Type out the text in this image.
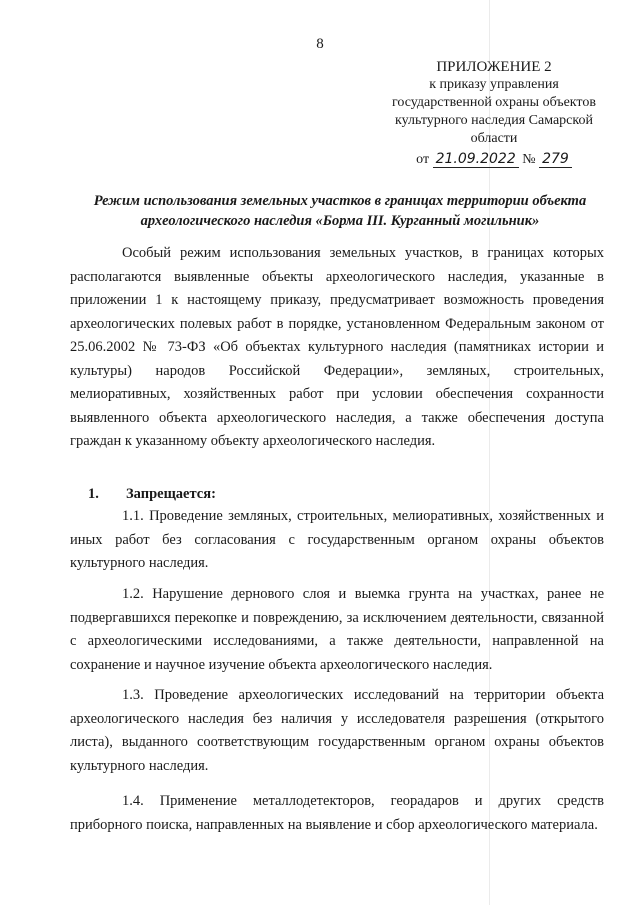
8
ПРИЛОЖЕНИЕ 2
к приказу управления
государственной охраны объектов
культурного наследия Самарской
области
от 21.09.2022 № 279
Режим использования земельных участков в границах территории объекта археологического наследия «Борма III. Курганный могильник»

Особый режим использования земельных участков, в границах которых располагаются выявленные объекты археологического наследия, указанные в приложении 1 к настоящему приказу, предусматривает возможность проведения археологических полевых работ в порядке, установленном Федеральным законом от 25.06.2002 № 73-ФЗ «Об объектах культурного наследия (памятниках истории и культуры) народов Российской Федерации», земляных, строительных, мелиоративных, хозяйственных работ при условии обеспечения сохранности выявленного объекта археологического наследия, а также обеспечения доступа граждан к указанному объекту археологического наследия.

1. Запрещается:

1.1. Проведение земляных, строительных, мелиоративных, хозяйственных и иных работ без согласования с государственным органом охраны объектов культурного наследия.

1.2. Нарушение дернового слоя и выемка грунта на участках, ранее не подвергавшихся перекопке и повреждению, за исключением деятельности, связанной с археологическими исследованиями, а также деятельности, направленной на сохранение и научное изучение объекта археологического наследия.

1.3. Проведение археологических исследований на территории объекта археологического наследия без наличия у исследователя разрешения (открытого листа), выданного соответствующим государственным органом охраны объектов культурного наследия.

1.4. Применение металлодетекторов, георадаров и других средств приборного поиска, направленных на выявление и сбор археологического материала.
